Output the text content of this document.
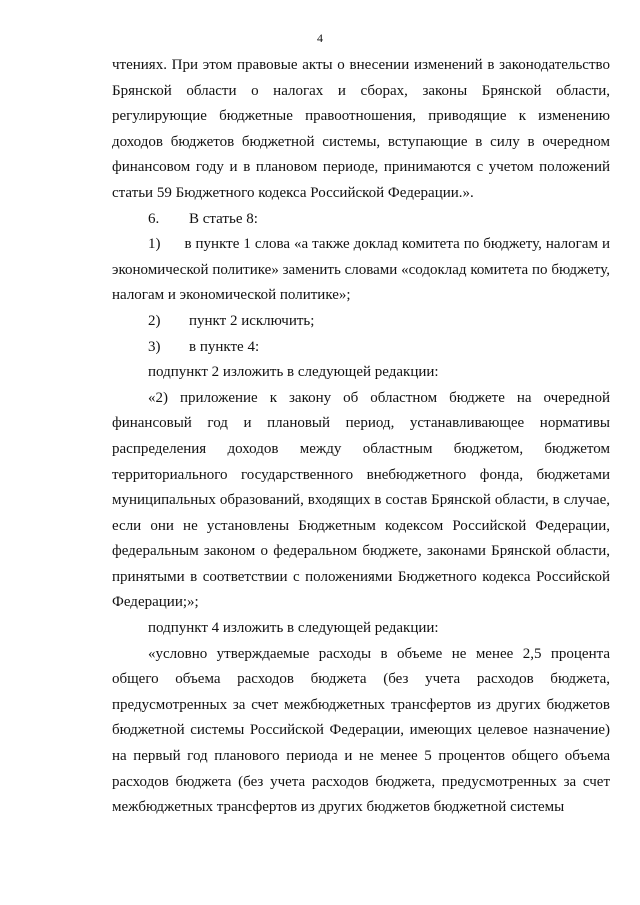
4

чтениях. При этом правовые акты о внесении изменений в законодательство Брянской области о налогах и сборах, законы Брянской области, регулирующие бюджетные правоотношения, приводящие к изменению доходов бюджетов бюджетной системы, вступающие в силу в очередном финансовом году и в плановом периоде, принимаются с учетом положений статьи 59 Бюджетного кодекса Российской Федерации.».

6.	В статье 8:

1)      в пункте 1 слова «а также доклад комитета по бюджету, налогам и экономической политике» заменить словами «содоклад комитета по бюджету, налогам и экономической политике»;

2)	пункт 2 исключить;
3)	в пункте 4:

подпункт 2 изложить в следующей редакции:

«2) приложение к закону об областном бюджете на очередной финансовый год и плановый период, устанавливающее нормативы распределения доходов между областным бюджетом, бюджетом территориального государственного внебюджетного фонда, бюджетами муниципальных образований, входящих в состав Брянской области, в случае, если они не установлены Бюджетным кодексом Российской Федерации, федеральным законом о федеральном бюджете, законами Брянской области, принятыми в соответствии с положениями Бюджетного кодекса Российской Федерации;»;

подпункт 4 изложить в следующей редакции:

«условно утверждаемые расходы в объеме не менее 2,5 процента общего объема расходов бюджета (без учета расходов бюджета, предусмотренных за счет межбюджетных трансфертов из других бюджетов бюджетной системы Российской Федерации, имеющих целевое назначение) на первый год планового периода и не менее 5 процентов общего объема расходов бюджета (без учета расходов бюджета, предусмотренных за счет межбюджетных трансфертов из других бюджетов бюджетной системы
